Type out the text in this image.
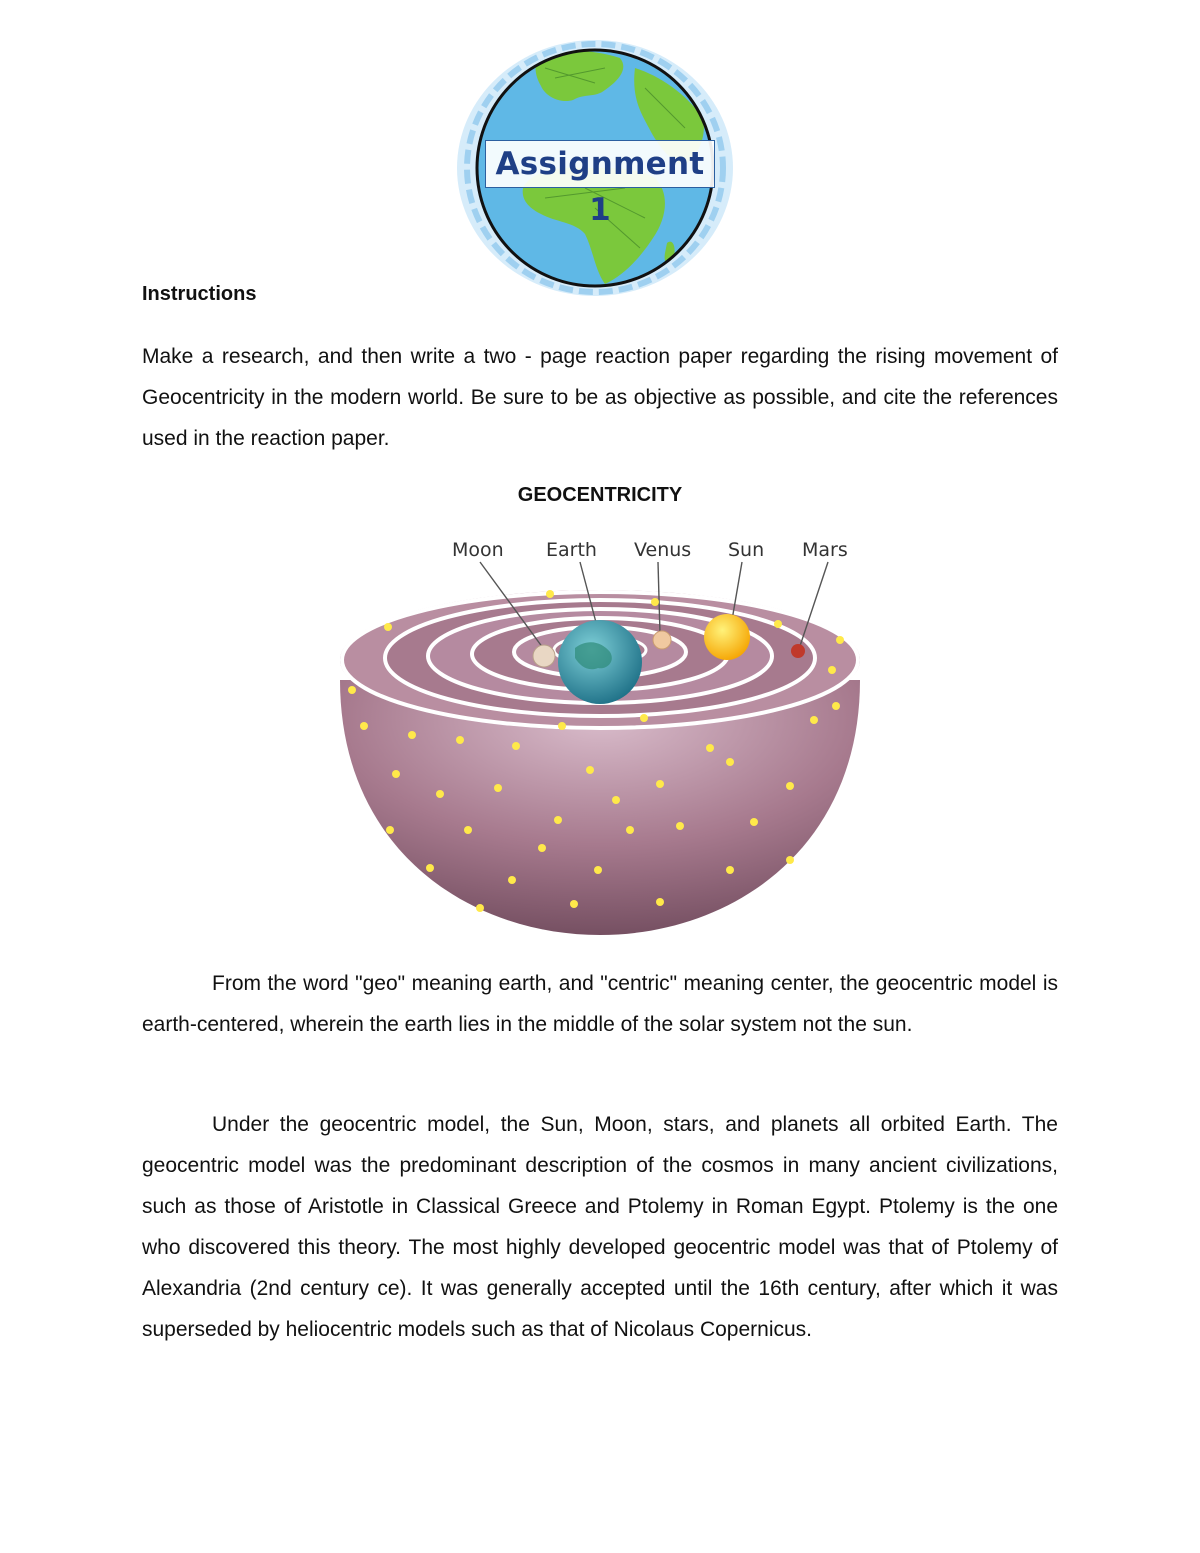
Assignment 1
Instructions
Make a research, and then write a two - page reaction paper regarding the rising movement of Geocentricity in the modern world. Be sure to be as objective as possible, and cite the references used in the reaction paper.
GEOCENTRICITY
Moon Earth Venus Sun Mars
From the word "geo" meaning earth, and "centric" meaning center, the geocentric model is earth-centered, wherein the earth lies in the middle of the solar system not the sun.
Under the geocentric model, the Sun, Moon, stars, and planets all orbited Earth. The geocentric model was the predominant description of the cosmos in many ancient civilizations, such as those of Aristotle in Classical Greece and Ptolemy in Roman Egypt. Ptolemy is the one who discovered this theory. The most highly developed geocentric model was that of Ptolemy of Alexandria (2nd century ce). It was generally accepted until the 16th century, after which it was superseded by heliocentric models such as that of Nicolaus Copernicus.
